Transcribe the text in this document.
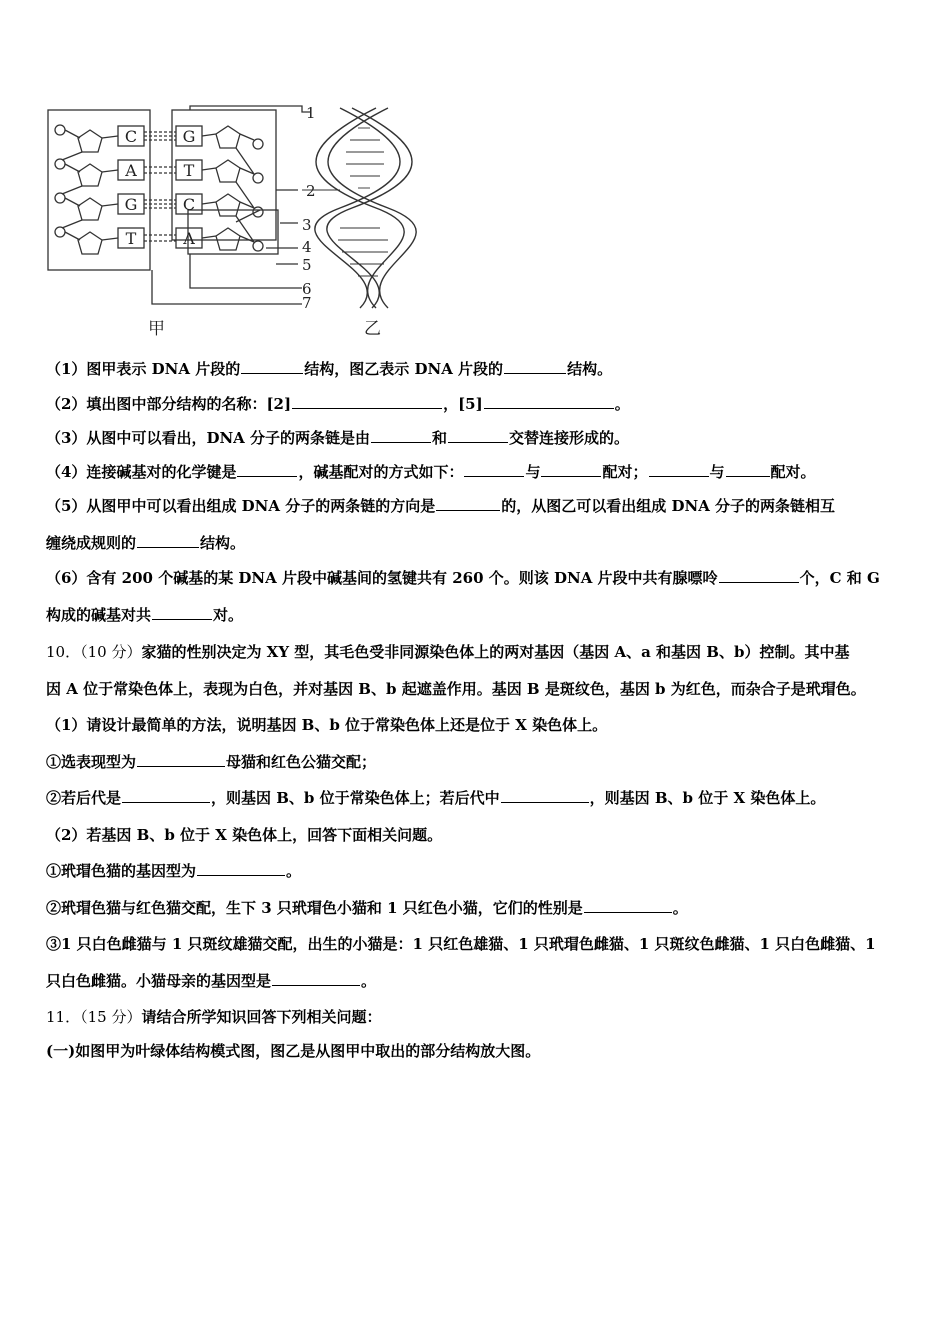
C
A
G
T
G
T
C
A
1
2
3
4
5
6
7
甲	乙
（1）图甲表示 DNA 片段的	结构，图乙表示 DNA 片段的	结构。
（2）填出图中部分结构的名称：[2]	，[5]	。
（3）从图中可以看出，DNA 分子的两条链是由	和	交替连接形成的。
（4）连接碱基对的化学键是	，碱基配对的方式如下：	与	配对；	与	配对。
（5）从图甲中可以看出组成 DNA 分子的两条链的方向是	的，从图乙可以看出组成 DNA 分子的两条链相互
缠绕成规则的	结构。
（6）含有 200 个碱基的某 DNA 片段中碱基间的氢键共有 260 个。则该 DNA 片段中共有腺嘌呤	个，C 和 G
构成的碱基对共	对。
10．（10 分）家猫的性别决定为 XY 型，其毛色受非同源染色体上的两对基因（基因 A、a 和基因 B、b）控制。其中基
因 A 位于常染色体上，表现为白色，并对基因 B、b 起遮盖作用。基因 B 是斑纹色，基因 b 为红色，而杂合子是玳瑁色。
（1）请设计最简单的方法，说明基因 B、b 位于常染色体上还是位于 X 染色体上。
①选表现型为	母猫和红色公猫交配；
②若后代是	，则基因 B、b 位于常染色体上；若后代中	，则基因 B、b 位于 X 染色体上。
（2）若基因 B、b 位于 X 染色体上，回答下面相关问题。
①玳瑁色猫的基因型为	。
②玳瑁色猫与红色猫交配，生下 3 只玳瑁色小猫和 1 只红色小猫，它们的性别是	。
③1 只白色雌猫与 1 只斑纹雄猫交配，出生的小猫是：1 只红色雄猫、1 只玳瑁色雌猫、1 只斑纹色雌猫、1 只白色雌猫、1
只白色雌猫。小猫母亲的基因型是	。
11．（15 分）请结合所学知识回答下列相关问题：
(一)如图甲为叶绿体结构模式图，图乙是从图甲中取出的部分结构放大图。
